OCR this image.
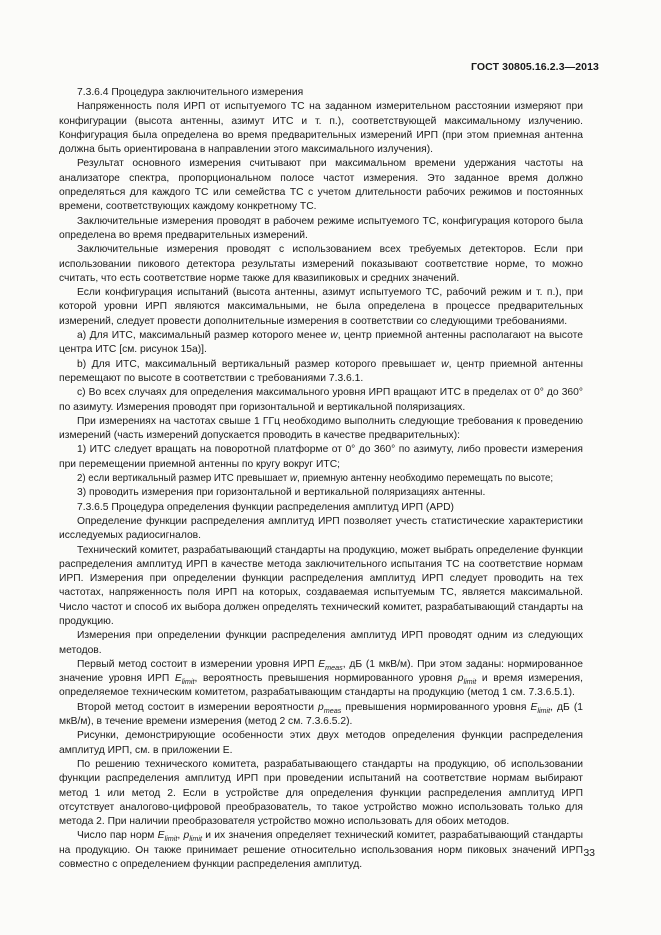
ГОСТ 30805.16.2.3—2013

7.3.6.4 Процедура заключительного измерения

Напряженность поля ИРП от испытуемого ТС на заданном измерительном расстоянии измеряют при конфигурации (высота антенны, азимут ИТС и т. п.), соответствующей максимальному излучению. Конфигурация была определена во время предварительных измерений ИРП (при этом приемная антенна должна быть ориентирована в направлении этого максимального излучения).

Результат основного измерения считывают при максимальном времени удержания частоты на анализаторе спектра, пропорциональном полосе частот измерения. Это заданное время должно определяться для каждого ТС или семейства ТС с учетом длительности рабочих режимов и постоянных времени, соответствующих каждому конкретному ТС.

Заключительные измерения проводят в рабочем режиме испытуемого ТС, конфигурация которого была определена во время предварительных измерений.

Заключительные измерения проводят с использованием всех требуемых детекторов. Если при использовании пикового детектора результаты измерений показывают соответствие норме, то можно считать, что есть соответствие норме также для квазипиковых и средних значений.

Если конфигурация испытаний (высота антенны, азимут испытуемого ТС, рабочий режим и т. п.), при которой уровни ИРП являются максимальными, не была определена в процессе предварительных измерений, следует провести дополнительные измерения в соответствии со следующими требованиями.

a) Для ИТС, максимальный размер которого менее w, центр приемной антенны располагают на высоте центра ИТС [см. рисунок 15а)].

b) Для ИТС, максимальный вертикальный размер которого превышает w, центр приемной антенны перемещают по высоте в соответствии с требованиями 7.3.6.1.

c) Во всех случаях для определения максимального уровня ИРП вращают ИТС в пределах от 0° до 360° по азимуту. Измерения проводят при горизонтальной и вертикальной поляризациях.

При измерениях на частотах свыше 1 ГГц необходимо выполнить следующие требования к проведению измерений (часть измерений допускается проводить в качестве предварительных):

1) ИТС следует вращать на поворотной платформе от 0° до 360° по азимуту, либо провести измерения при перемещении приемной антенны по кругу вокруг ИТС;

2) если вертикальный размер ИТС превышает w, приемную антенну необходимо перемещать по высоте;

3) проводить измерения при горизонтальной и вертикальной поляризациях антенны.

7.3.6.5 Процедура определения функции распределения амплитуд ИРП (APD)

Определение функции распределения амплитуд ИРП позволяет учесть статистические характеристики исследуемых радиосигналов.

Технический комитет, разрабатывающий стандарты на продукцию, может выбрать определение функции распределения амплитуд ИРП в качестве метода заключительного испытания ТС на соответствие нормам ИРП. Измерения при определении функции распределения амплитуд ИРП следует проводить на тех частотах, напряженность поля ИРП на которых, создаваемая испытуемым ТС, является максимальной. Число частот и способ их выбора должен определять технический комитет, разрабатывающий стандарты на продукцию.

Измерения при определении функции распределения амплитуд ИРП проводят одним из следующих методов.

Первый метод состоит в измерении уровня ИРП $E_{meas}$, дБ (1 мкВ/м). При этом заданы: нормированное значение уровня ИРП $E_{limit}$, вероятность превышения нормированного уровня $p_{limit}$ и время измерения, определяемое техническим комитетом, разрабатывающим стандарты на продукцию (метод 1 см. 7.3.6.5.1).

Второй метод состоит в измерении вероятности $p_{meas}$ превышения нормированного уровня $E_{limit}$, дБ (1 мкВ/м), в течение времени измерения (метод 2 см. 7.3.6.5.2).

Рисунки, демонстрирующие особенности этих двух методов определения функции распределения амплитуд ИРП, см. в приложении Е.

По решению технического комитета, разрабатывающего стандарты на продукцию, об использовании функции распределения амплитуд ИРП при проведении испытаний на соответствие нормам выбирают метод 1 или метод 2. Если в устройстве для определения функции распределения амплитуд ИРП отсутствует аналогово-цифровой преобразователь, то такое устройство можно использовать только для метода 2. При наличии преобразователя устройство можно использовать для обоих методов.

Число пар норм $E_{limit}$, $p_{limit}$ и их значения определяет технический комитет, разрабатывающий стандарты на продукцию. Он также принимает решение относительно использования норм пиковых значений ИРП совместно с определением функции распределения амплитуд.

33
